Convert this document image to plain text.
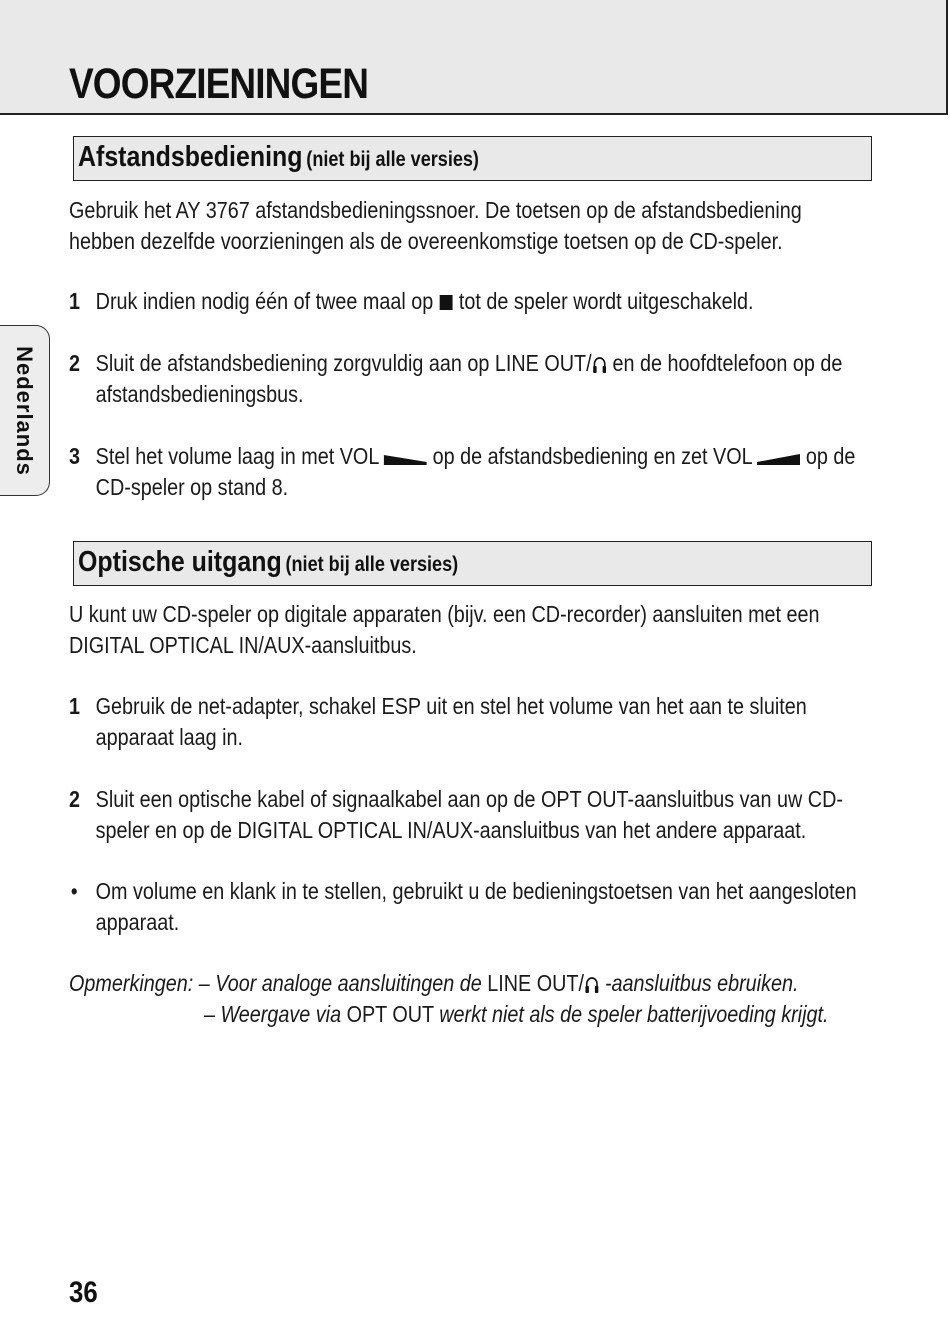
VOORZIENINGEN
Nederlands
Afstandsbediening (niet bij alle versies)

Gebruik het AY 3767 afstandsbedieningssnoer. De toetsen op de afstandsbediening hebben dezelfde voorzieningen als de overeenkomstige toetsen op de CD-speler.

1 Druk indien nodig één of twee maal op tot de speler wordt uitgeschakeld.
2 Sluit de afstandsbediening zorgvuldig aan op LINE OUT/ en de hoofdtelefoon op de afstandsbedieningsbus.
3 Stel het volume laag in met VOL op de afstandsbediening en zet VOL op de CD-speler op stand 8.
Optische uitgang (niet bij alle versies)

U kunt uw CD-speler op digitale apparaten (bijv. een CD-recorder) aansluiten met een DIGITAL OPTICAL IN/AUX-aansluitbus.

1 Gebruik de net-adapter, schakel ESP uit en stel het volume van het aan te sluiten apparaat laag in.
2 Sluit een optische kabel of signaalkabel aan op de OPT OUT-aansluitbus van uw CD-speler en op de DIGITAL OPTICAL IN/AUX-aansluitbus van het andere apparaat.
• Om volume en klank in te stellen, gebruikt u de bedieningstoetsen van het aangesloten apparaat.
Opmerkingen: – Voor analoge aansluitingen de LINE OUT/ -aansluitbus ebruiken.
– Weergave via OPT OUT werkt niet als de speler batterijvoeding krijgt.
36
